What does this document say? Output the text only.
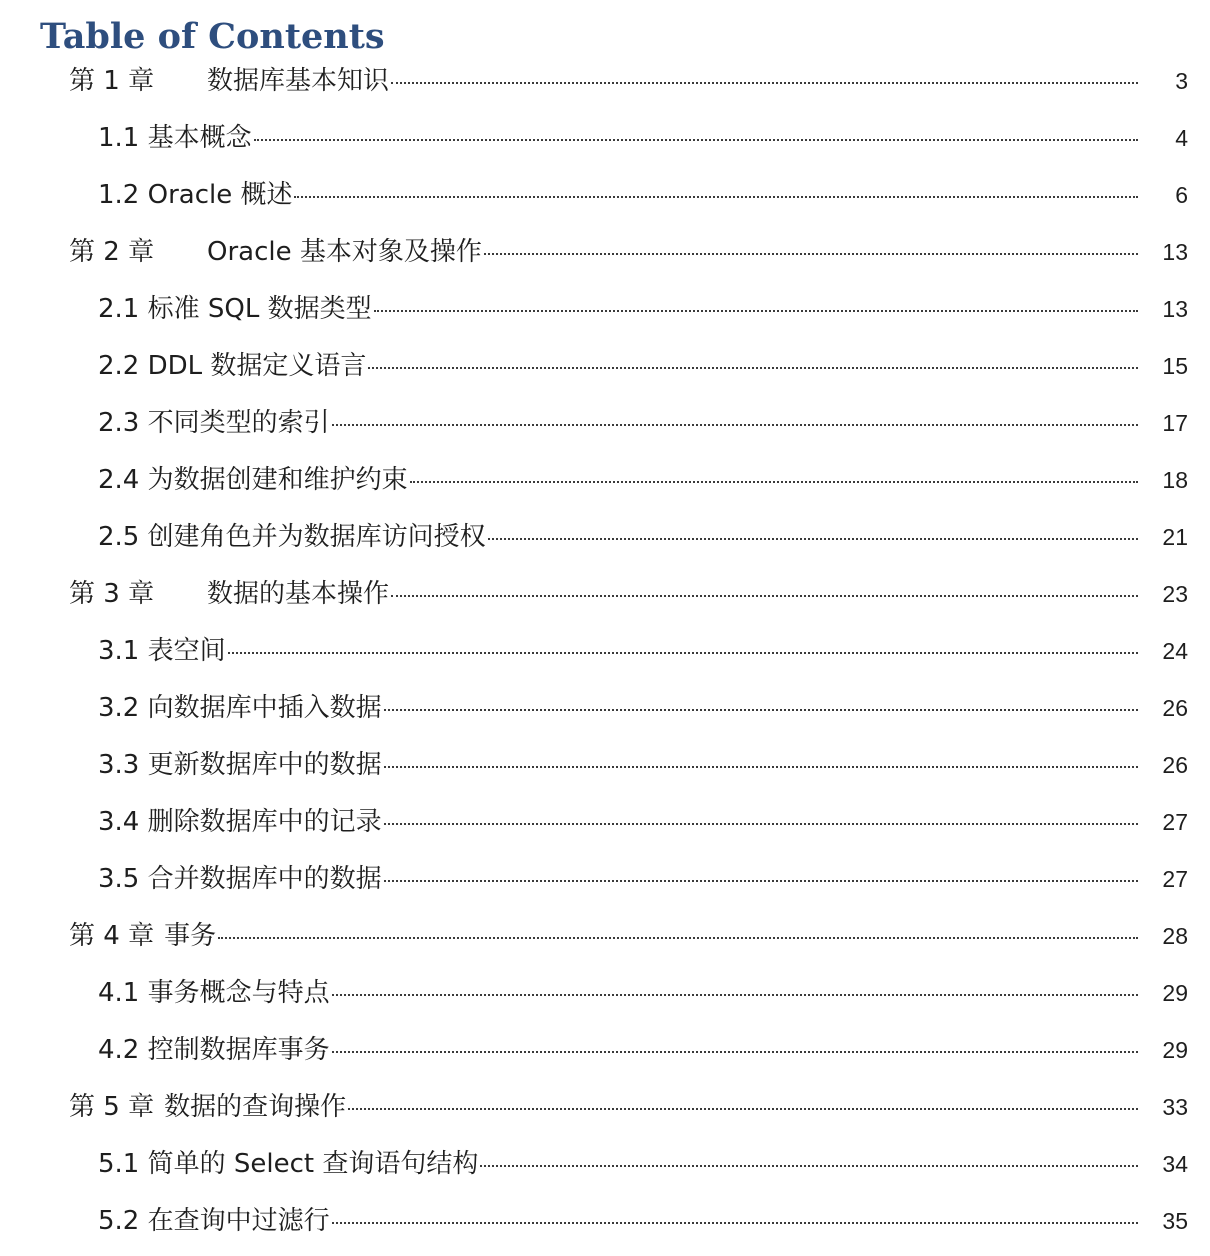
Table of Contents
第 1 章	数据库基本知识	3
1.1 基本概念	4
1.2 Oracle 概述	6
第 2 章	Oracle 基本对象及操作	13
2.1 标准 SQL 数据类型	13
2.2 DDL 数据定义语言	15
2.3 不同类型的索引	17
2.4 为数据创建和维护约束	18
2.5 创建角色并为数据库访问授权	21
第 3 章	数据的基本操作	23
3.1 表空间	24
3.2 向数据库中插入数据	26
3.3 更新数据库中的数据	26
3.4 删除数据库中的记录	27
3.5 合并数据库中的数据	27
第 4 章 事务	28
4.1 事务概念与特点	29
4.2 控制数据库事务	29
第 5 章 数据的查询操作	33
5.1 简单的 Select 查询语句结构	34
5.2 在查询中过滤行	35
